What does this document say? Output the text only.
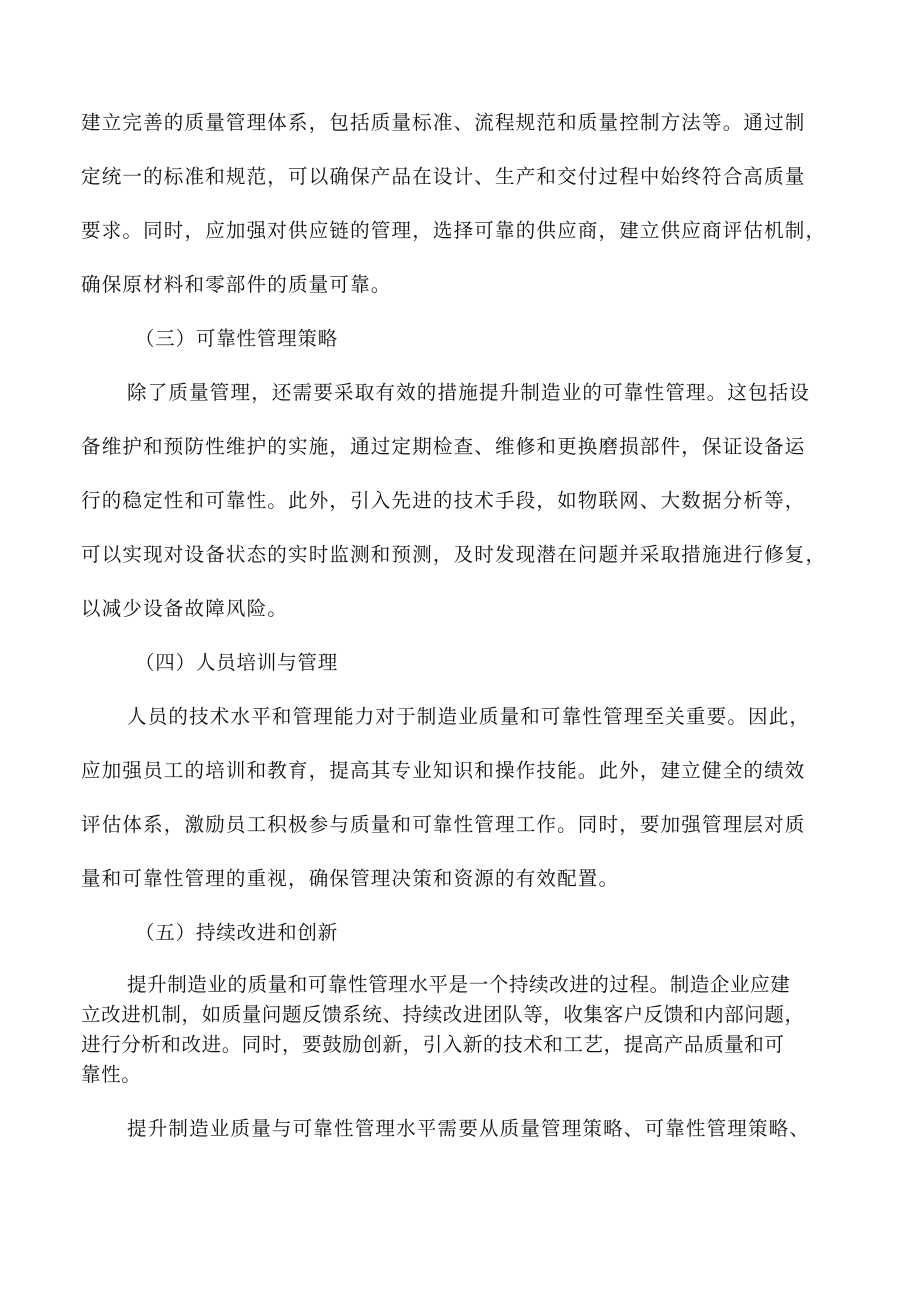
建立完善的质量管理体系，包括质量标准、流程规范和质量控制方法等。通过制
定统一的标准和规范，可以确保产品在设计、生产和交付过程中始终符合高质量
要求。同时，应加强对供应链的管理，选择可靠的供应商，建立供应商评估机制，
确保原材料和零部件的质量可靠。
（三）可靠性管理策略
除了质量管理，还需要采取有效的措施提升制造业的可靠性管理。这包括设
备维护和预防性维护的实施，通过定期检查、维修和更换磨损部件，保证设备运
行的稳定性和可靠性。此外，引入先进的技术手段，如物联网、大数据分析等，
可以实现对设备状态的实时监测和预测，及时发现潜在问题并采取措施进行修复，
以减少设备故障风险。
（四）人员培训与管理
人员的技术水平和管理能力对于制造业质量和可靠性管理至关重要。因此，
应加强员工的培训和教育，提高其专业知识和操作技能。此外，建立健全的绩效
评估体系，激励员工积极参与质量和可靠性管理工作。同时，要加强管理层对质
量和可靠性管理的重视，确保管理决策和资源的有效配置。
（五）持续改进和创新
提升制造业的质量和可靠性管理水平是一个持续改进的过程。制造企业应建
立改进机制，如质量问题反馈系统、持续改进团队等，收集客户反馈和内部问题，
进行分析和改进。同时，要鼓励创新，引入新的技术和工艺，提高产品质量和可
靠性。
提升制造业质量与可靠性管理水平需要从质量管理策略、可靠性管理策略、
